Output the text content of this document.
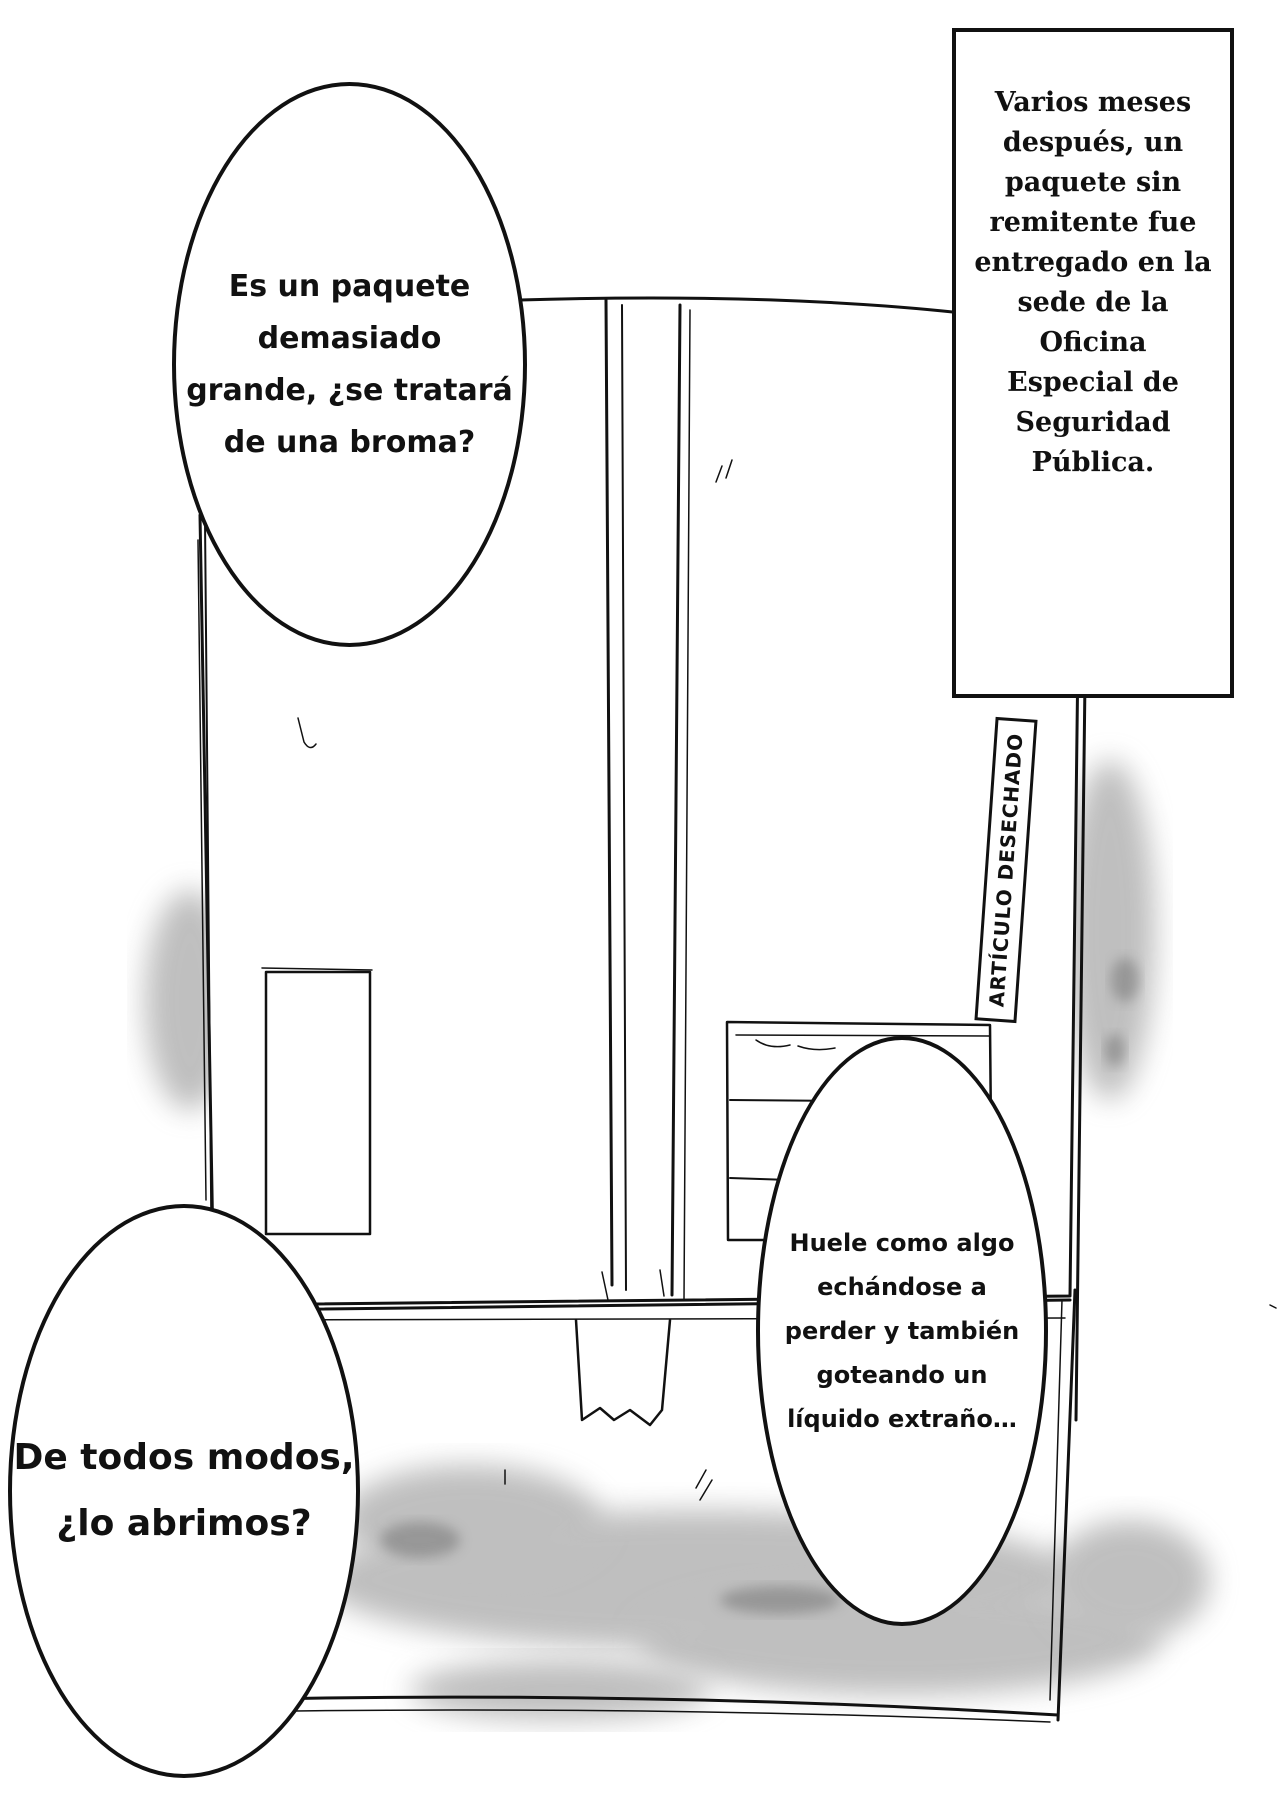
Es un paquete
demasiado
grande, ¿se tratará
de una broma?
Varios meses
después, un
paquete sin
remitente fue
entregado en la
sede de la
Oficina
Especial de
Seguridad
Pública.
ARTÍCULO DESECHADO
Huele como algo
echándose a
perder y también
goteando un
líquido extraño…
De todos modos,
¿lo abrimos?
